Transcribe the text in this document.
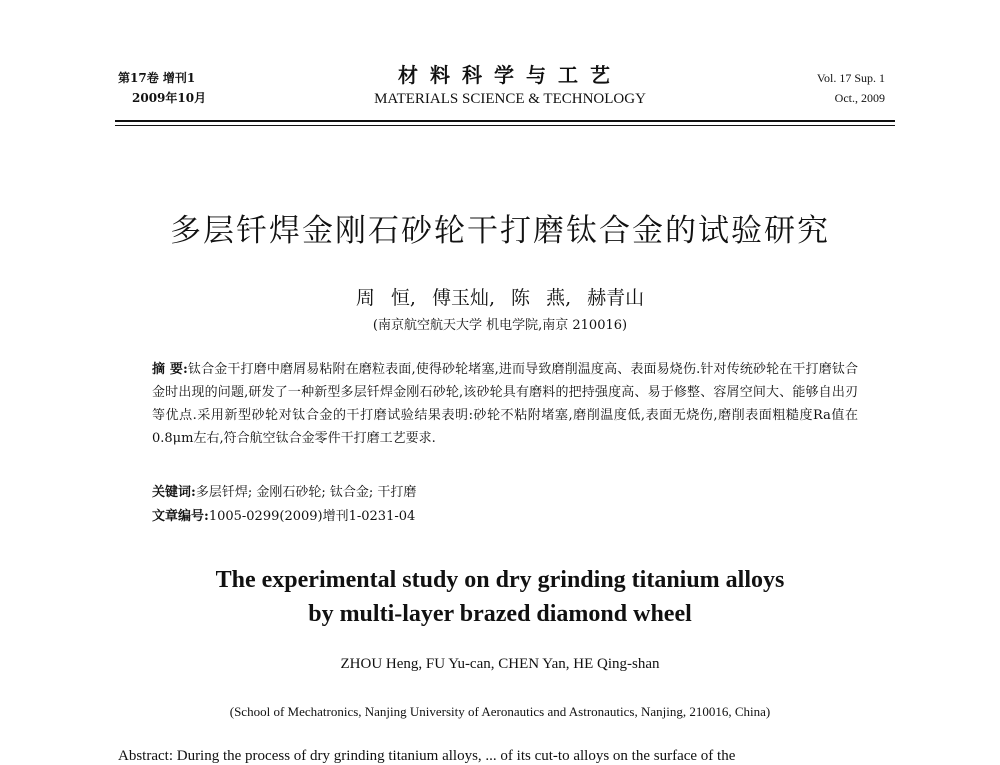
第17卷 增刊1
2009年10月
材料科学与工艺
MATERIALS SCIENCE & TECHNOLOGY
Vol. 17 Sup. 1
Oct., 2009
多层钎焊金刚石砂轮干打磨钛合金的试验研究
周 恒, 傅玉灿, 陈 燕, 赫青山
(南京航空航天大学 机电学院,南京 210016)
摘 要:钛合金干打磨中磨屑易粘附在磨粒表面,使得砂轮堵塞,进而导致磨削温度高、表面易烧伤.针对传统砂轮在干打磨钛合金时出现的问题,研发了一种新型多层钎焊金刚石砂轮,该砂轮具有磨料的把持强度高、易于修整、容屑空间大、能够自出刃等优点.采用新型砂轮对钛合金的干打磨试验结果表明:砂轮不粘附堵塞,磨削温度低,表面无烧伤,磨削表面粗糙度Ra值在0.8μm左右,符合航空钛合金零件干打磨工艺要求.
关键词:多层钎焊; 金刚石砂轮; 钛合金; 干打磨
文章编号:1005-0299(2009)增刊1-0231-04
The experimental study on dry grinding titanium alloys
by multi-layer brazed diamond wheel
ZHOU Heng, FU Yu-can, CHEN Yan, HE Qing-shan
(School of Mechatronics, Nanjing University of Aeronautics and Astronautics, Nanjing, 210016, China)
Abstract: During the process of dry grinding titanium alloys, ... of its cut-to alloys on the surface of the
